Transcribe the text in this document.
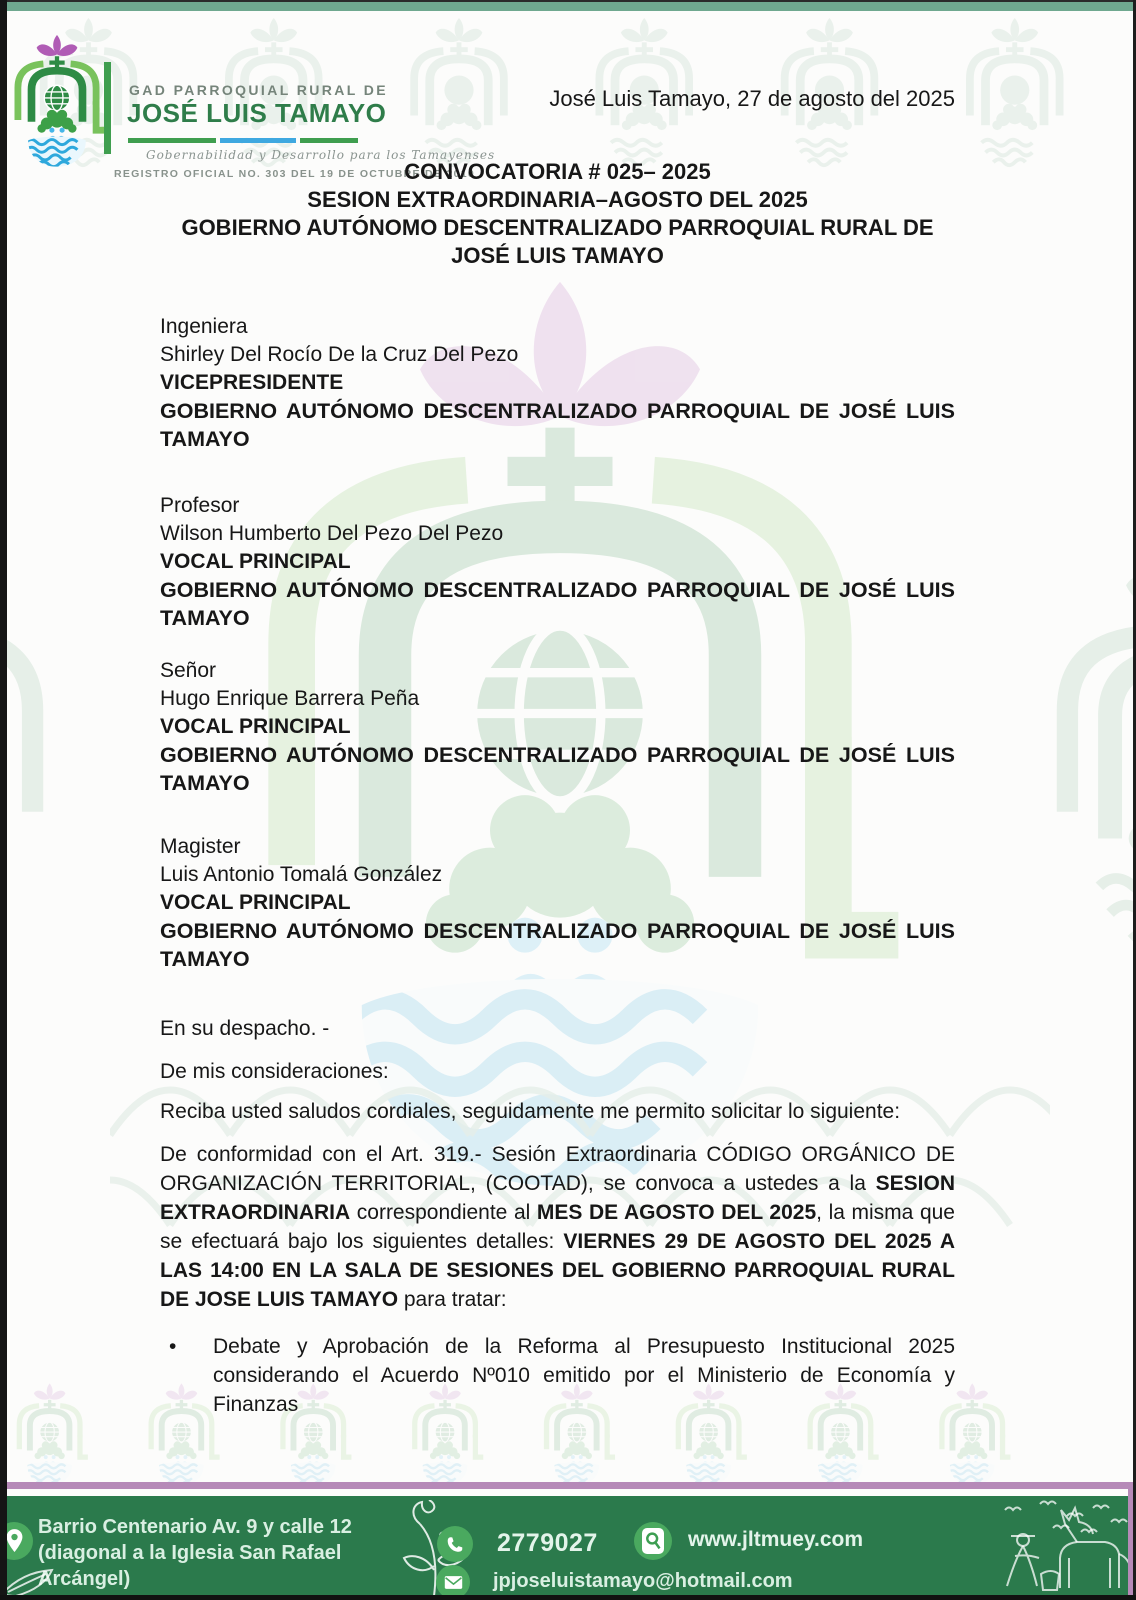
GAD PARROQUIAL RURAL DE
JOSÉ LUIS TAMAYO
Gobernabilidad y Desarrollo para los Tamayenses
REGISTRO OFICIAL NO. 303 DEL 19 DE OCTUBRE DE 2010
José Luis Tamayo, 27 de agosto del 2025
CONVOCATORIA # 025– 2025
SESION EXTRAORDINARIA–AGOSTO DEL 2025
GOBIERNO AUTÓNOMO DESCENTRALIZADO PARROQUIAL RURAL DE JOSÉ LUIS TAMAYO
Ingeniera
Shirley Del Rocío De la Cruz Del Pezo
VICEPRESIDENTE
GOBIERNO AUTÓNOMO DESCENTRALIZADO PARROQUIAL DE JOSÉ LUIS TAMAYO
Profesor
Wilson Humberto Del Pezo Del Pezo
VOCAL PRINCIPAL
GOBIERNO AUTÓNOMO DESCENTRALIZADO PARROQUIAL DE JOSÉ LUIS TAMAYO
Señor
Hugo Enrique Barrera Peña
VOCAL PRINCIPAL
GOBIERNO AUTÓNOMO DESCENTRALIZADO PARROQUIAL DE JOSÉ LUIS TAMAYO
Magister
Luis Antonio Tomalá González
VOCAL PRINCIPAL
GOBIERNO AUTÓNOMO DESCENTRALIZADO PARROQUIAL DE JOSÉ LUIS TAMAYO
En su despacho. -
De mis consideraciones:
Reciba usted saludos cordiales, seguidamente me permito solicitar lo siguiente:
De conformidad con el Art. 319.- Sesión Extraordinaria CÓDIGO ORGÁNICO DE ORGANIZACIÓN TERRITORIAL, (COOTAD), se convoca a ustedes a la SESION EXTRAORDINARIA correspondiente al MES DE AGOSTO DEL 2025, la misma que se efectuará bajo los siguientes detalles: VIERNES 29 DE AGOSTO DEL 2025 A LAS 14:00 EN LA SALA DE SESIONES DEL GOBIERNO PARROQUIAL RURAL DE JOSE LUIS TAMAYO para tratar:
•	Debate y Aprobación de la Reforma al Presupuesto Institucional 2025 considerando el Acuerdo Nº010 emitido por el Ministerio de Economía y Finanzas
Barrio Centenario Av. 9 y calle 12
(diagonal a la Iglesia San Rafael
Arcángel)
2779027	www.jltmuey.com
jpjoseluistamayo@hotmail.com
